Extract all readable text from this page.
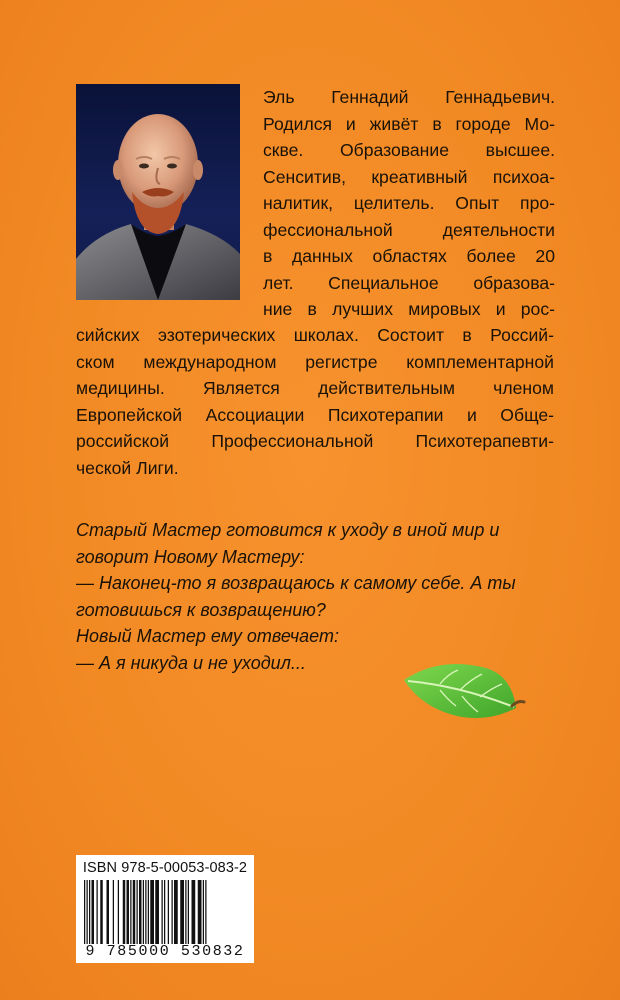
Эль Геннадий Геннадьевич.
Родился и живёт в городе Мо-
скве. Образование высшее.
Сенситив, креативный психоа-
налитик, целитель. Опыт про-
фессиональной деятельности
в данных областях более 20
лет. Специальное образова-
ние в лучших мировых и рос-
сийских эзотерических школах. Состоит в Россий-
ском международном регистре комплементарной
медицины. Является действительным членом
Европейской Ассоциации Психотерапии и Обще-
российской Профессиональной Психотерапевти-
ческой Лиги.
Старый Мастер готовится к уходу в иной мир и
говорит Новому Мастеру:
— Наконец-то я возвращаюсь к самому себе. А ты
готовишься к возвращению?
Новый Мастер ему отвечает:
— А я никуда и не уходил...
ISBN 978-5-00053-083-2
9 785000 530832
